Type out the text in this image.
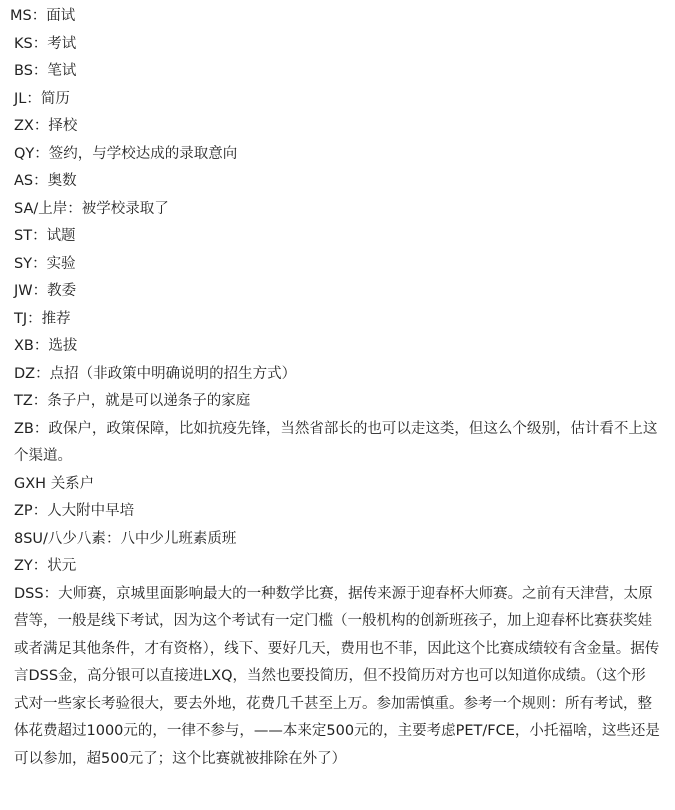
MS：面试
KS：考试
BS：笔试
JL：简历
ZX：择校
QY：签约，与学校达成的录取意向
AS：奥数
SA/上岸：被学校录取了
ST：试题
SY：实验
JW：教委
TJ：推荐
XB：选拔
DZ：点招（非政策中明确说明的招生方式）
TZ：条子户，就是可以递条子的家庭
ZB：政保户，政策保障，比如抗疫先锋，当然省部长的也可以走这类，但这么个级别，估计看不上这个渠道。
GXH 关系户
ZP：人大附中早培
8SU/八少八素：八中少儿班素质班
ZY：状元
DSS：大师赛，京城里面影响最大的一种数学比赛，据传来源于迎春杯大师赛。之前有天津营，太原营等，一般是线下考试，因为这个考试有一定门槛（一般机构的创新班孩子，加上迎春杯比赛获奖娃或者满足其他条件，才有资格），线下、要好几天，费用也不菲，因此这个比赛成绩较有含金量。据传言DSS金，高分银可以直接进LXQ，当然也要投简历，但不投简历对方也可以知道你成绩。（这个形式对一些家长考验很大，要去外地，花费几千甚至上万。参加需慎重。参考一个规则：所有考试，整体花费超过1000元的，一律不参与，——本来定500元的，主要考虑PET/FCE，小托福啥，这些还是可以参加，超500元了；这个比赛就被排除在外了）
